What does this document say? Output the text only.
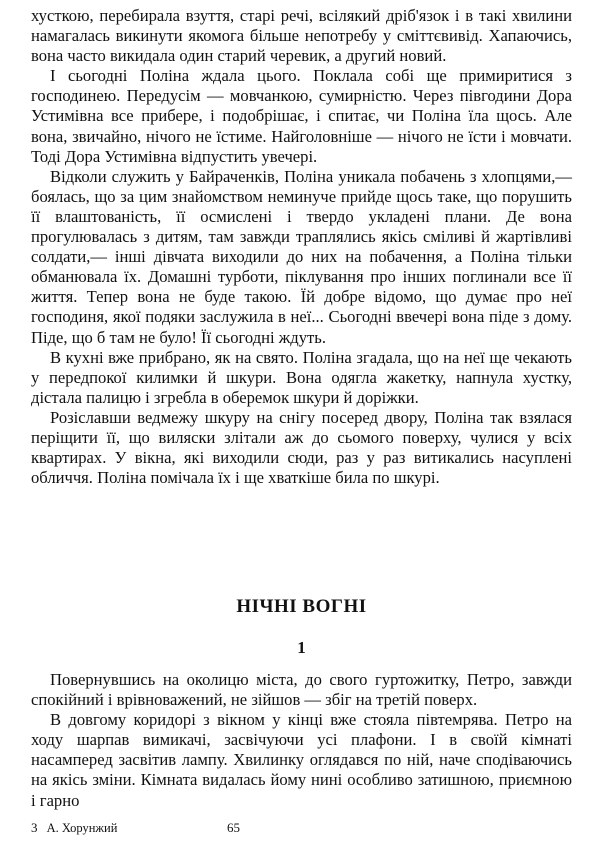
хусткою, перебирала взуття, старі речі, всілякий дріб'язок і в такі хвилини намагалась викинути якомога більше непотребу у сміттєвивід. Хапаючись, вона часто викидала один старий черевик, а другий новий.

І сьогодні Поліна ждала цього. Поклала собі ще примиритися з господинею. Передусім — мовчанкою, сумирністю. Через півгодини Дора Устимівна все прибере, і подобрішає, і спитає, чи Поліна їла щось. Але вона, звичайно, нічого не їстиме. Найголовніше — нічого не їсти і мовчати. Тоді Дора Устимівна відпустить увечері.

Відколи служить у Байраченків, Поліна уникала побачень з хлопцями,— боялась, що за цим знайомством неминуче прийде щось таке, що порушить її влаштованість, її осмислені і твердо укладені плани. Де вона прогулювалась з дитям, там завжди траплялись якісь сміливі й жартівливі солдати,— інші дівчата виходили до них на побачення, а Поліна тільки обманювала їх. Домашні турботи, піклування про інших поглинали все її життя. Тепер вона не буде такою. Їй добре відомо, що думає про неї господиня, якої подяки заслужила в неї... Сьогодні ввечері вона піде з дому. Піде, що б там не було! Її сьогодні ждуть.

В кухні вже прибрано, як на свято. Поліна згадала, що на неї ще чекають у передпокої килимки й шкури. Вона одягла жакетку, напнула хустку, дістала палицю і згребла в оберемок шкури й доріжки.

Розіславши ведмежу шкуру на снігу посеред двору, Поліна так взялася періщити її, що виляски злітали аж до сьомого поверху, чулися у всіх квартирах. У вікна, які виходили сюди, раз у раз витикались насуплені обличчя. Поліна помічала їх і ще хваткіше била по шкурі.

НІЧНІ ВОГНІ
1

Повернувшись на околицю міста, до свого гуртожитку, Петро, завжди спокійний і врівноважений, не зійшов — збіг на третій поверх.

В довгому коридорі з вікном у кінці вже стояла півтемрява. Петро на ходу шарпав вимикачі, засвічуючи усі плафони. І в своїй кімнаті насамперед засвітив лампу. Хвилинку оглядався по ній, наче сподіваючись на якісь зміни. Кімната видалась йому нині особливо затишною, приємною і гарно

3 А. Хорунжий	65
